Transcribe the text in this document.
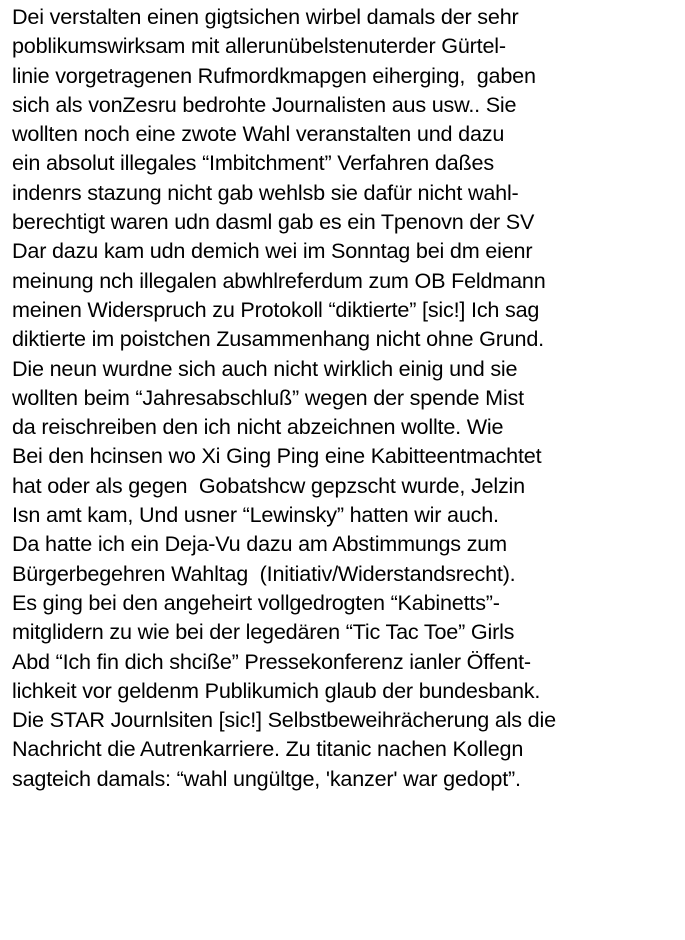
Dei verstalten einen gigtsichen wirbel damals der sehr
poblikumswirksam mit allerunübelstenuterder Gürtel-
linie vorgetragenen Rufmordkmapgen eiherging,  gaben
sich als vonZesru bedrohte Journalisten aus usw.. Sie
wollten noch eine zwote Wahl veranstalten und dazu
ein absolut illegales “Imbitchment” Verfahren daßes
indenrs stazung nicht gab wehlsb sie dafür nicht wahl-
berechtigt waren udn dasml gab es ein Tpenovn der SV
Dar dazu kam udn demich wei im Sonntag bei dm eienr
meinung nch illegalen abwhlreferdum zum OB Feldmann
meinen Widerspruch zu Protokoll “diktierte” [sic!] Ich sag
diktierte im poistchen Zusammenhang nicht ohne Grund.
Die neun wurdne sich auch nicht wirklich einig und sie
wollten beim “Jahresabschluß” wegen der spende Mist
da reischreiben den ich nicht abzeichnen wollte. Wie
Bei den hcinsen wo Xi Ging Ping eine Kabitteentmachtet
hat oder als gegen  Gobatshcw gepzscht wurde, Jelzin
Isn amt kam, Und usner “Lewinsky” hatten wir auch.
Da hatte ich ein Deja-Vu dazu am Abstimmungs zum
Bürgerbegehren Wahltag  (Initiativ/Widerstandsrecht).
Es ging bei den angeheirt vollgedrogten “Kabinetts”-
mitglidern zu wie bei der legedären “Tic Tac Toe” Girls
Abd “Ich fin dich shcißе” Pressekonferenz ianler Öffent-
lichkeit vor geldenm Publikumich glaub der bundesbank.
Die STAR Journlsiten [sic!] Selbstbeweihrächerung als die
Nachricht die Autrenkarriere. Zu titanic nachen Kollegn
sagteich damals: “wahl ungültge, 'kanzer' war gedopt”.
